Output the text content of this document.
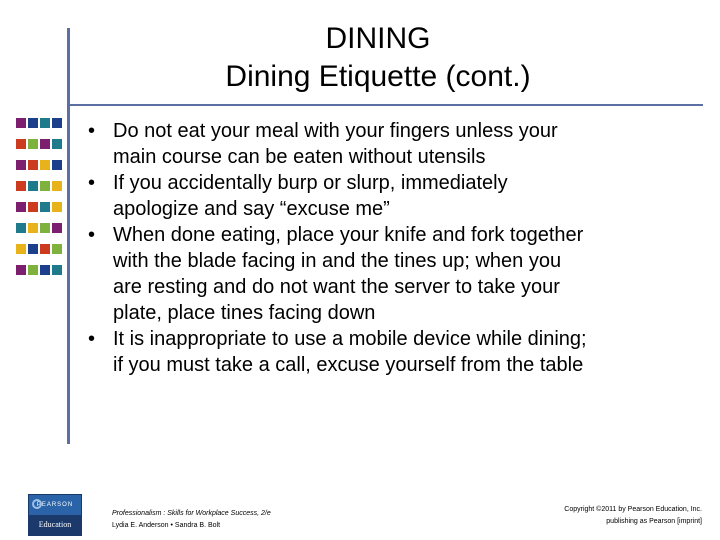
DINING
Dining Etiquette (cont.)
• Do not eat your meal with your fingers unless your
main course can be eaten without utensils
• If you accidentally burp or slurp, immediately
apologize and say “excuse me”
• When done eating, place your knife and fork together
with the blade facing in and the tines up; when you
are resting and do not want the server to take your
plate, place tines facing down
• It is inappropriate to use a mobile device while dining;
if you must take a call, excuse yourself from the table
PEARSON
Education
Professionalism : Skills for Workplace Success, 2/e
Lydia E. Anderson • Sandra B. Bolt
Copyright ©2011 by Pearson Education, Inc.
publishing as Pearson [imprint]
